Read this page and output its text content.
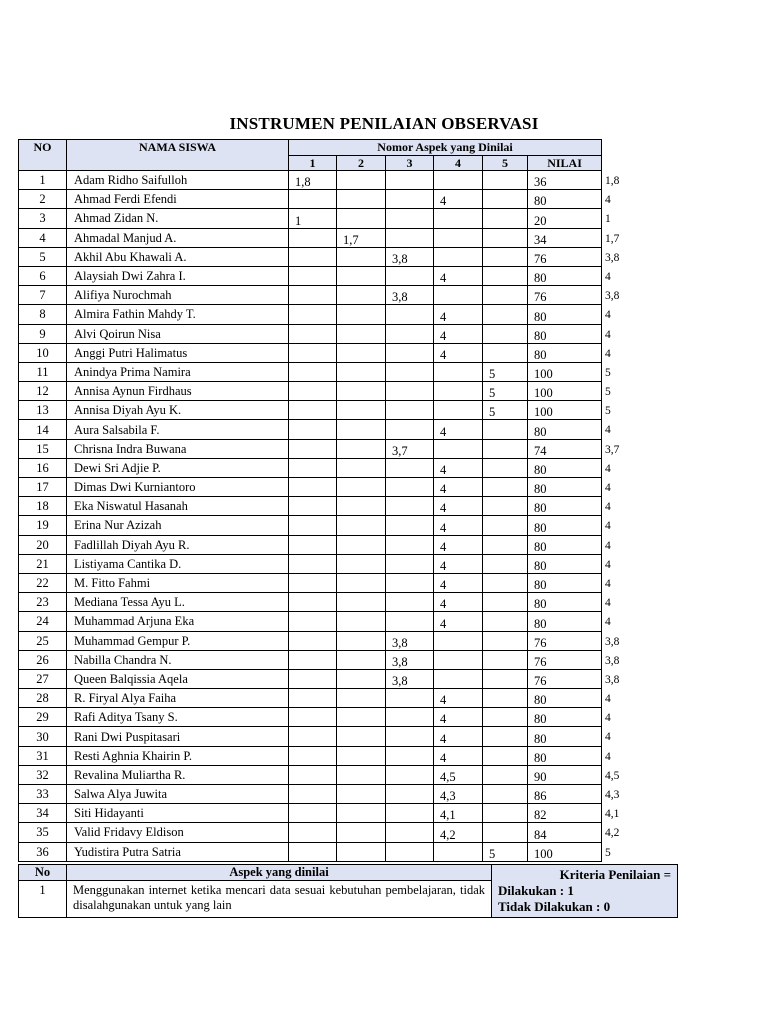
INSTRUMEN PENILAIAN OBSERVASI
NO	NAMA SISWA	Nomor Aspek yang Dinilai					
		1	2	3	4	5	NILAI
1	Adam Ridho Saifulloh	1,8					36
2	Ahmad Ferdi Efendi				4		80
3	Ahmad Zidan N.	1					20
4	Ahmadal Manjud A.		1,7				34
5	Akhil Abu Khawali A.			3,8			76
6	Alaysiah Dwi Zahra I.				4		80
7	Alifiya Nurochmah			3,8			76
8	Almira Fathin Mahdy T.				4		80
9	Alvi Qoirun Nisa				4		80
10	Anggi Putri Halimatus				4		80
11	Anindya Prima Namira					5	100
12	Annisa Aynun Firdhaus					5	100
13	Annisa Diyah Ayu K.					5	100
14	Aura Salsabila F.				4		80
15	Chrisna Indra Buwana			3,7			74
16	Dewi Sri Adjie P.				4		80
17	Dimas Dwi Kurniantoro				4		80
18	Eka Niswatul Hasanah				4		80
19	Erina Nur Azizah				4		80
20	Fadlillah Diyah Ayu R.				4		80
21	Listiyama Cantika D.				4		80
22	M. Fitto Fahmi				4		80
23	Mediana Tessa Ayu L.				4		80
24	Muhammad Arjuna Eka				4		80
25	Muhammad Gempur P.			3,8			76
26	Nabilla Chandra N.			3,8			76
27	Queen Balqissia Aqela			3,8			76
28	R. Firyal Alya Faiha				4		80
29	Rafi Aditya Tsany S.				4		80
30	Rani Dwi Puspitasari				4		80
31	Resti Aghnia Khairin P.				4		80
32	Revalina Muliartha R.				4,5		90
33	Salwa Alya Juwita				4,3		86
34	Siti Hidayanti				4,1		82
35	Valid Fridavy Eldison				4,2		84
36	Yudistira Putra Satria					5	100
1,8
4
1
1,7
3,8
4
3,8
4
4
4
5
5
5
4
3,7
4
4
4
4
4
4
4
4
4
3,8
3,8
3,8
4
4
4
4
4,5
4,3
4,1
4,2
5
No	Aspek yang dinilai	Kriteria Penilaian =
Dilakukan : 1
Tidak Dilakukan : 0

1	Menggunakan internet ketika mencari data sesuai kebutuhan pembelajaran, tidak disalahgunakan untuk yang lain	
